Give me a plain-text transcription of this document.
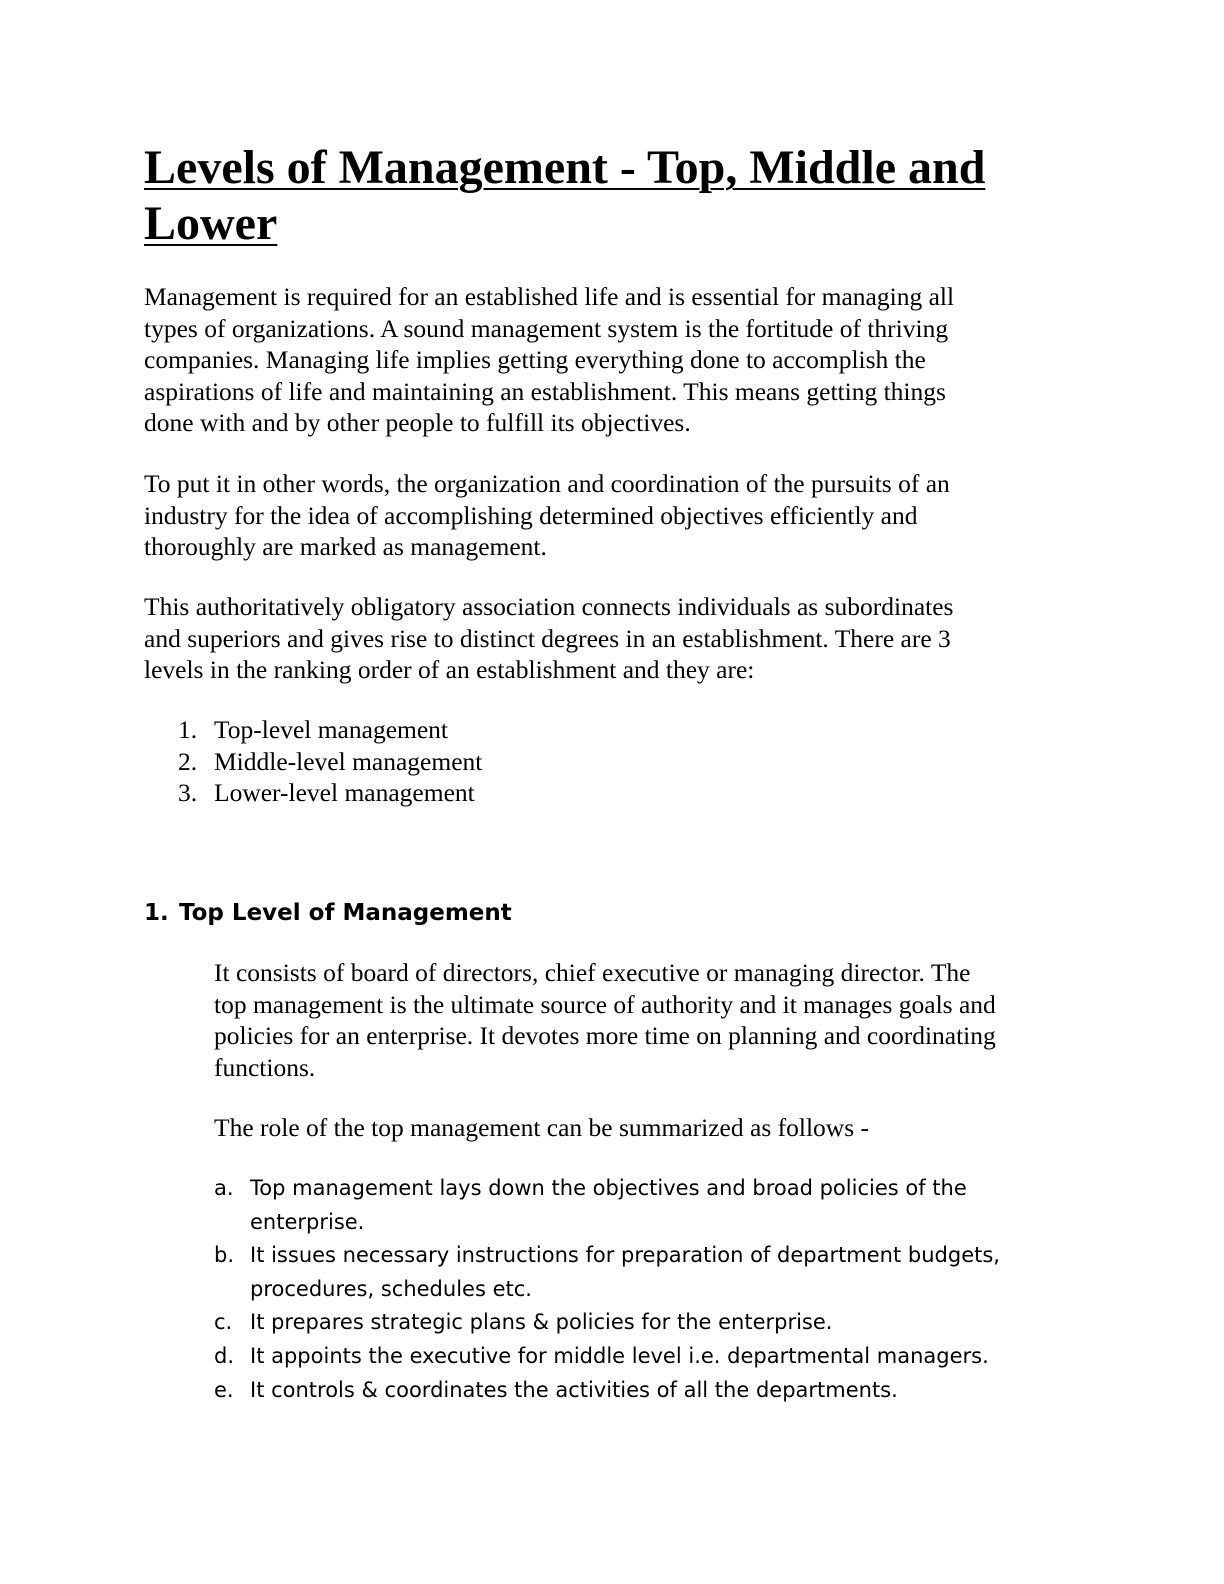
Levels of Management - Top, Middle and
Lower

Management is required for an established life and is essential for managing all
types of organizations. A sound management system is the fortitude of thriving
companies. Managing life implies getting everything done to accomplish the
aspirations of life and maintaining an establishment. This means getting things
done with and by other people to fulfill its objectives.

To put it in other words, the organization and coordination of the pursuits of an
industry for the idea of accomplishing determined objectives efficiently and
thoroughly are marked as management.

This authoritatively obligatory association connects individuals as subordinates
and superiors and gives rise to distinct degrees in an establishment. There are 3
levels in the ranking order of an establishment and they are:

1. Top-level management
2. Middle-level management
3. Lower-level management
1. Top Level of Management

It consists of board of directors, chief executive or managing director. The
top management is the ultimate source of authority and it manages goals and
policies for an enterprise. It devotes more time on planning and coordinating
functions.

The role of the top management can be summarized as follows -

a. Top management lays down the objectives and broad policies of the
enterprise.
b. It issues necessary instructions for preparation of department budgets,
procedures, schedules etc.
c. It prepares strategic plans & policies for the enterprise.
d. It appoints the executive for middle level i.e. departmental managers.
e. It controls & coordinates the activities of all the departments.
